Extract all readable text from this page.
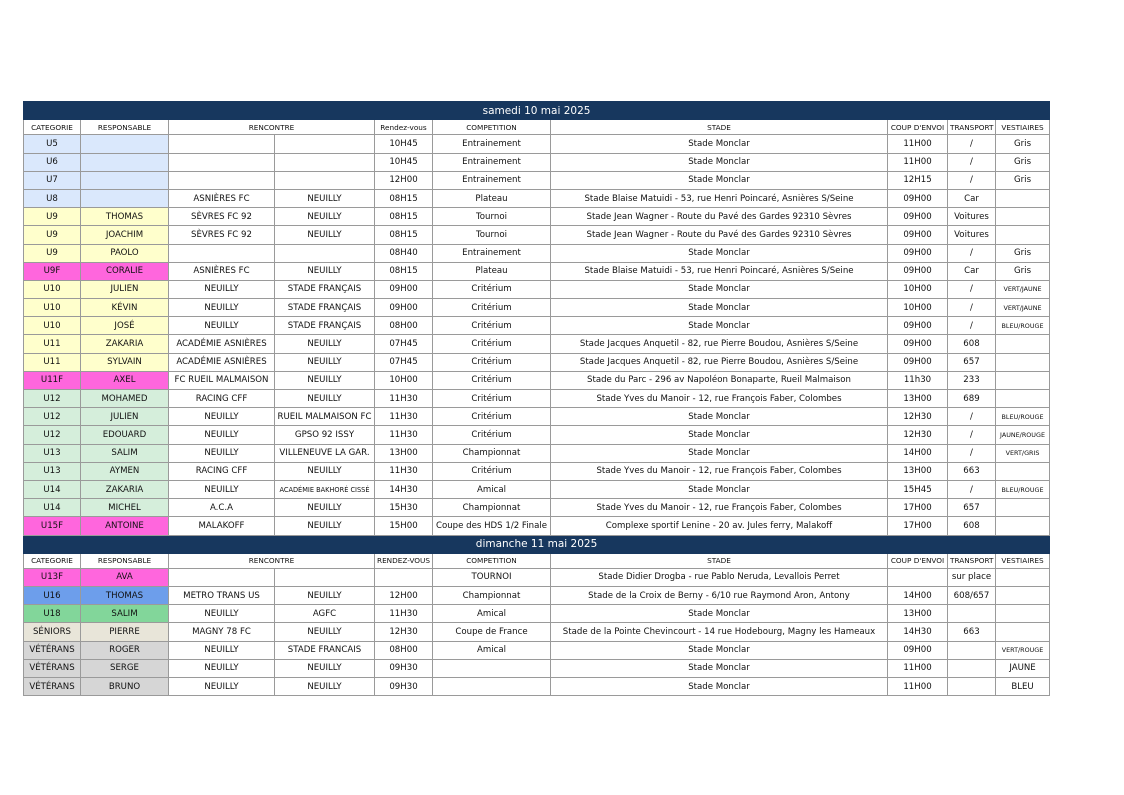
samedi 10 mai 2025									
CATEGORIE	RESPONSABLE	RENCONTRE		Rendez-vous	COMPETITION	STADE	COUP D'ENVOI	TRANSPORT	VESTIAIRES
U5				10H45	Entrainement	Stade Monclar	11H00	/	Gris
U6				10H45	Entrainement	Stade Monclar	11H00	/	Gris
U7				12H00	Entrainement	Stade Monclar	12H15	/	Gris
U8		ASNIÈRES FC	NEUILLY	08H15	Plateau	Stade Blaise Matuidi - 53, rue Henri Poincaré, Asnières S/Seine	09H00	Car	
U9	THOMAS	SÈVRES FC 92	NEUILLY	08H15	Tournoi	Stade Jean Wagner - Route du Pavé des Gardes 92310 Sèvres	09H00	Voitures	
U9	JOACHIM	SÈVRES FC 92	NEUILLY	08H15	Tournoi	Stade Jean Wagner - Route du Pavé des Gardes 92310 Sèvres	09H00	Voitures	
U9	PAOLO			08H40	Entrainement	Stade Monclar	09H00	/	Gris
U9F	CORALIE	ASNIÈRES FC	NEUILLY	08H15	Plateau	Stade Blaise Matuidi - 53, rue Henri Poincaré, Asnières S/Seine	09H00	Car	Gris
U10	JULIEN	NEUILLY	STADE FRANÇAIS	09H00	Critérium	Stade Monclar	10H00	/	VERT/JAUNE
U10	KÉVIN	NEUILLY	STADE FRANÇAIS	09H00	Critérium	Stade Monclar	10H00	/	VERT/JAUNE
U10	JOSÉ	NEUILLY	STADE FRANÇAIS	08H00	Critérium	Stade Monclar	09H00	/	BLEU/ROUGE
U11	ZAKARIA	ACADÉMIE ASNIÈRES	NEUILLY	07H45	Critérium	Stade Jacques Anquetil - 82, rue Pierre Boudou, Asnières S/Seine	09H00	608	
U11	SYLVAIN	ACADÉMIE ASNIÈRES	NEUILLY	07H45	Critérium	Stade Jacques Anquetil - 82, rue Pierre Boudou, Asnières S/Seine	09H00	657	
U11F	AXEL	FC RUEIL MALMAISON	NEUILLY	10H00	Critérium	Stade du Parc - 296 av Napoléon Bonaparte, Rueil Malmaison	11h30	233	
U12	MOHAMED	RACING CFF	NEUILLY	11H30	Critérium	Stade Yves du Manoir - 12, rue François Faber, Colombes	13H00	689	
U12	JULIEN	NEUILLY	RUEIL MALMAISON FC	11H30	Critérium	Stade Monclar	12H30	/	BLEU/ROUGE
U12	EDOUARD	NEUILLY	GPSO 92 ISSY	11H30	Critérium	Stade Monclar	12H30	/	JAUNE/ROUGE
U13	SALIM	NEUILLY	VILLENEUVE LA GAR.	13H00	Championnat	Stade Monclar	14H00	/	VERT/GRIS
U13	AYMEN	RACING CFF	NEUILLY	11H30	Critérium	Stade Yves du Manoir - 12, rue François Faber, Colombes	13H00	663	
U14	ZAKARIA	NEUILLY	ACADÉMIE BAKHORÉ CISSÉ	14H30	Amical	Stade Monclar	15H45	/	BLEU/ROUGE
U14	MICHEL	A.C.A	NEUILLY	15H30	Championnat	Stade Yves du Manoir - 12, rue François Faber, Colombes	17H00	657	
U15F	ANTOINE	MALAKOFF	NEUILLY	15H00	Coupe des HDS 1/2 Finale	Complexe sportif Lenine - 20 av. Jules ferry, Malakoff	17H00	608	
dimanche 11 mai 2025									
CATEGORIE	RESPONSABLE	RENCONTRE		RENDEZ-VOUS	COMPETITION	STADE	COUP D'ENVOI	TRANSPORT	VESTIAIRES
U13F	AVA				TOURNOI	Stade Didier Drogba - rue Pablo Neruda, Levallois Perret		sur place	
U16	THOMAS	METRO TRANS US	NEUILLY	12H00	Championnat	Stade de la Croix de Berny - 6/10 rue Raymond Aron, Antony	14H00	608/657	
U18	SALIM	NEUILLY	AGFC	11H30	Amical	Stade Monclar	13H00		
SÉNIORS	PIERRE	MAGNY 78 FC	NEUILLY	12H30	Coupe de France	Stade de la Pointe Chevincourt - 14 rue Hodebourg, Magny les Hameaux	14H30	663	
VÉTÉRANS	ROGER	NEUILLY	STADE FRANCAIS	08H00	Amical	Stade Monclar	09H00		VERT/ROUGE
VÉTÉRANS	SERGE	NEUILLY	NEUILLY	09H30		Stade Monclar	11H00		JAUNE
VÉTÉRANS	BRUNO	NEUILLY	NEUILLY	09H30		Stade Monclar	11H00		BLEU
